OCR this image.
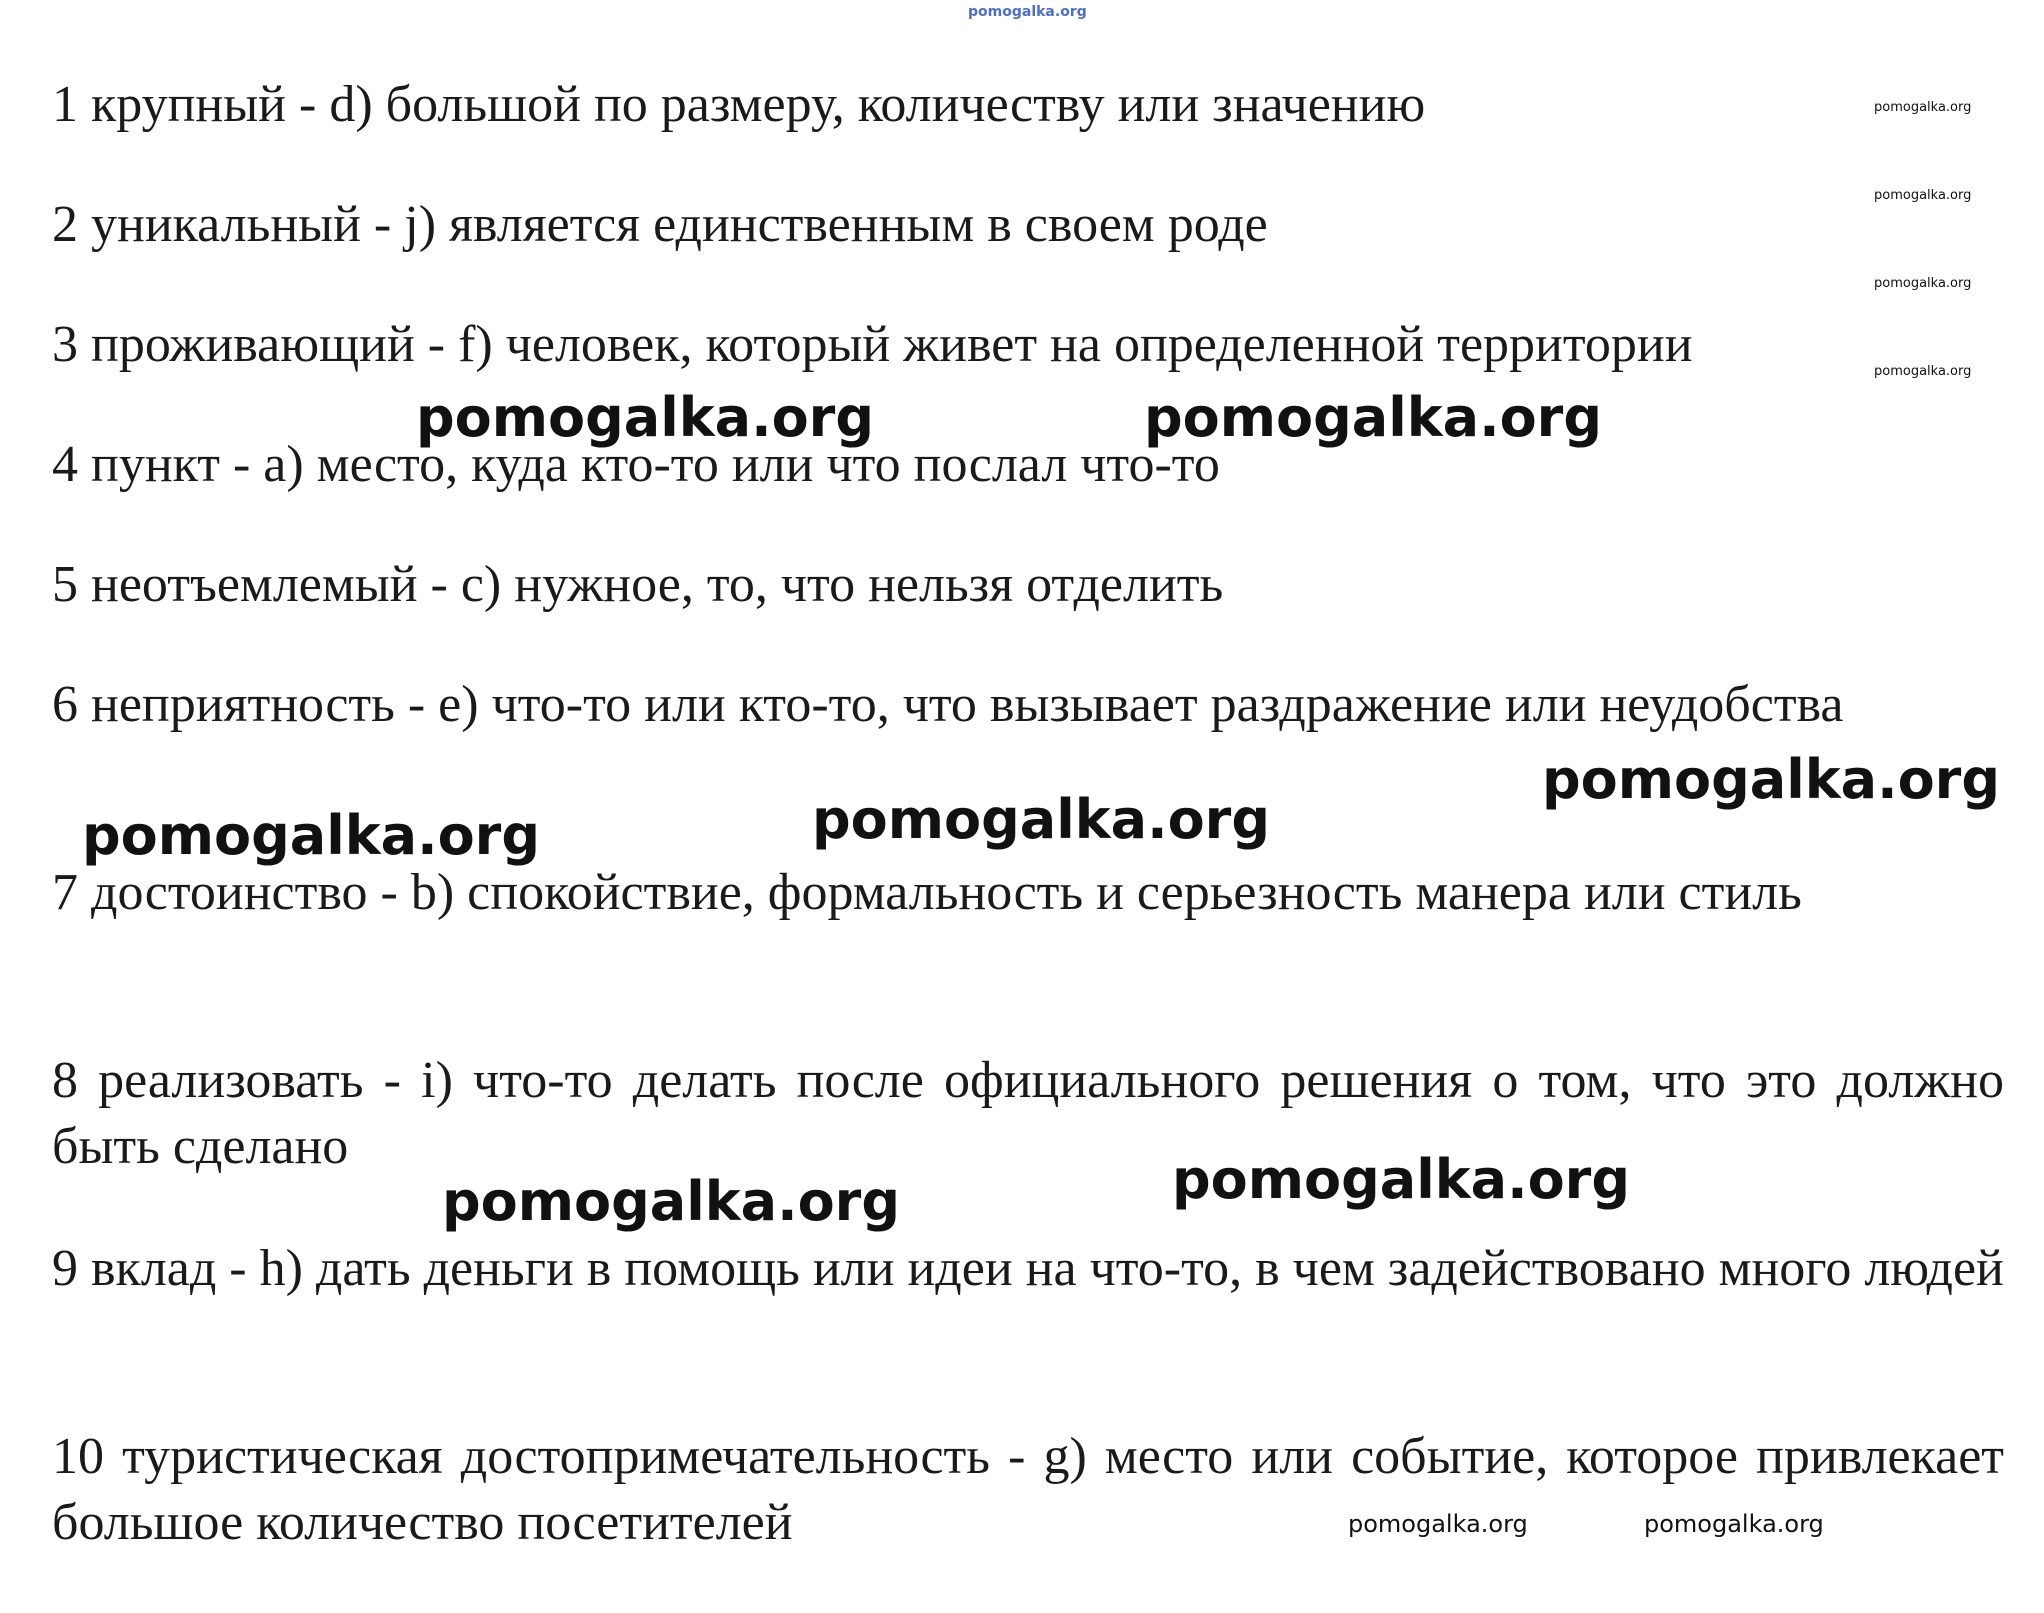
pomogalka.org
1 крупный - d) большой по размеру, количеству или значению
2 уникальный - j) является единственным в своем роде
3 проживающий - f) человек, который живет на определенной территории
4 пункт - a) место, куда кто-то или что послал что-то
5 неотъемлемый - c) нужное, то, что нельзя отделить
6 неприятность - e) что-то или кто-то, что вызывает раздражение или неудобства
7 достоинство - b) спокойствие, формальность и серьезность манера или стиль
8 реализовать - i) что-то делать после официального решения о том, что это должно быть сделано
9 вклад - h) дать деньги в помощь или идеи на что-то, в чем задействовано много людей
10 туристическая достопримечательность - g) место или событие, которое привлекает большое количество посетителей
pomogalka.org
pomogalka.org
pomogalka.org
pomogalka.org
pomogalka.org	pomogalka.org
pomogalka.org
pomogalka.org
pomogalka.org
pomogalka.org
pomogalka.org
pomogalka.org	pomogalka.org
